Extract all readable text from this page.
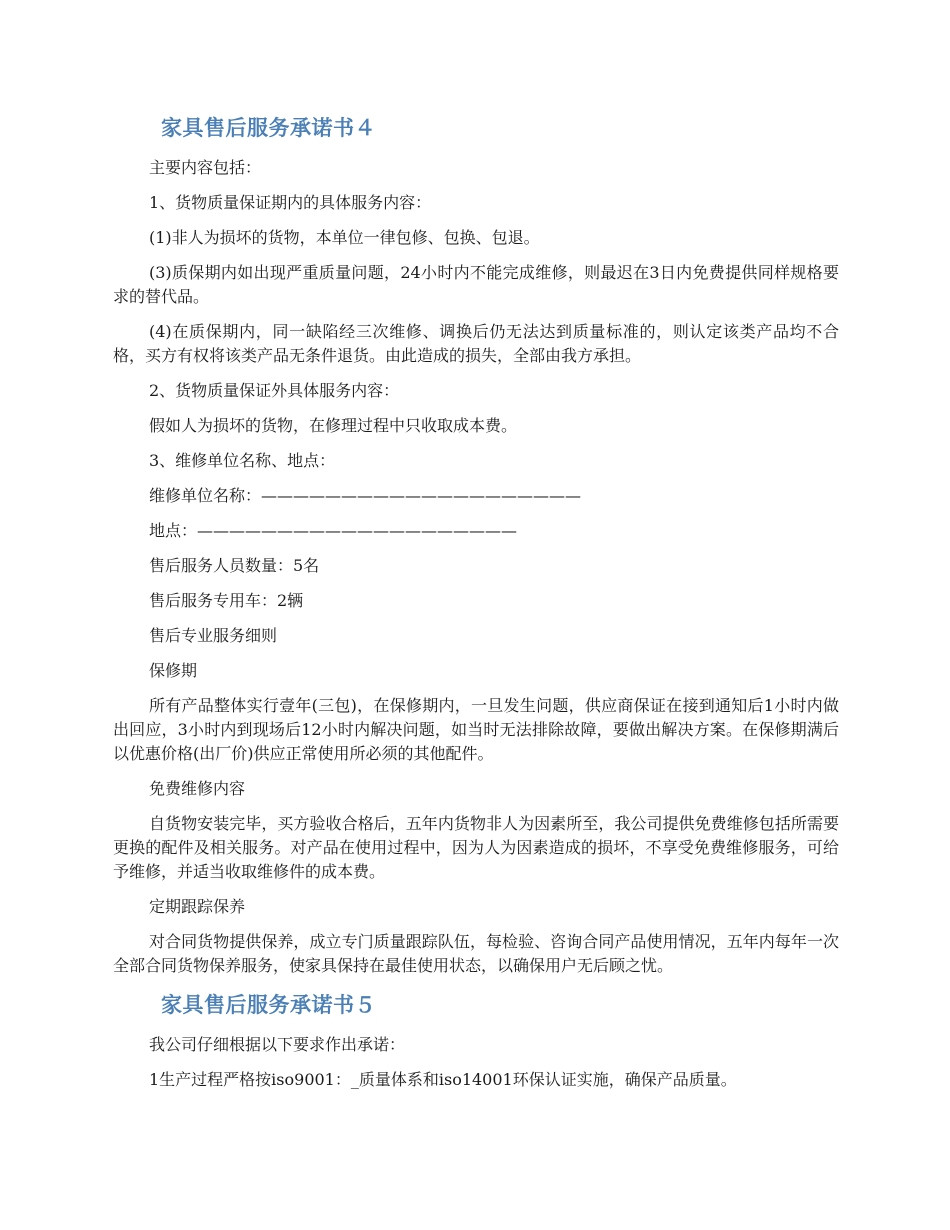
家具售后服务承诺书４

主要内容包括：

1、货物质量保证期内的具体服务内容：

(1)非人为损坏的货物，本单位一律包修、包换、包退。

(3)质保期内如出现严重质量问题，24小时内不能完成维修，则最迟在3日内免费提供同样规格要求的替代品。

(4)在质保期内，同一缺陷经三次维修、调换后仍无法达到质量标准的，则认定该类产品均不合格，买方有权将该类产品无条件退货。由此造成的损失，全部由我方承担。

2、货物质量保证外具体服务内容：

假如人为损坏的货物，在修理过程中只收取成本费。

3、维修单位名称、地点：

维修单位名称：————————————————————

地点：————————————————————

售后服务人员数量：5名

售后服务专用车：2辆

售后专业服务细则

保修期

所有产品整体实行壹年(三包)，在保修期内，一旦发生问题，供应商保证在接到通知后1小时内做出回应，3小时内到现场后12小时内解决问题，如当时无法排除故障，要做出解决方案。在保修期满后以优惠价格(出厂价)供应正常使用所必须的其他配件。

免费维修内容

自货物安装完毕，买方验收合格后，五年内货物非人为因素所至，我公司提供免费维修包括所需要更换的配件及相关服务。对产品在使用过程中，因为人为因素造成的损坏，不享受免费维修服务，可给予维修，并适当收取维修件的成本费。

定期跟踪保养

对合同货物提供保养，成立专门质量跟踪队伍，每检验、咨询合同产品使用情况，五年内每年一次全部合同货物保养服务，使家具保持在最佳使用状态，以确保用户无后顾之忧。

家具售后服务承诺书５

我公司仔细根据以下要求作出承诺：

1生产过程严格按iso9001：_质量体系和iso14001环保认证实施，确保产品质量。
